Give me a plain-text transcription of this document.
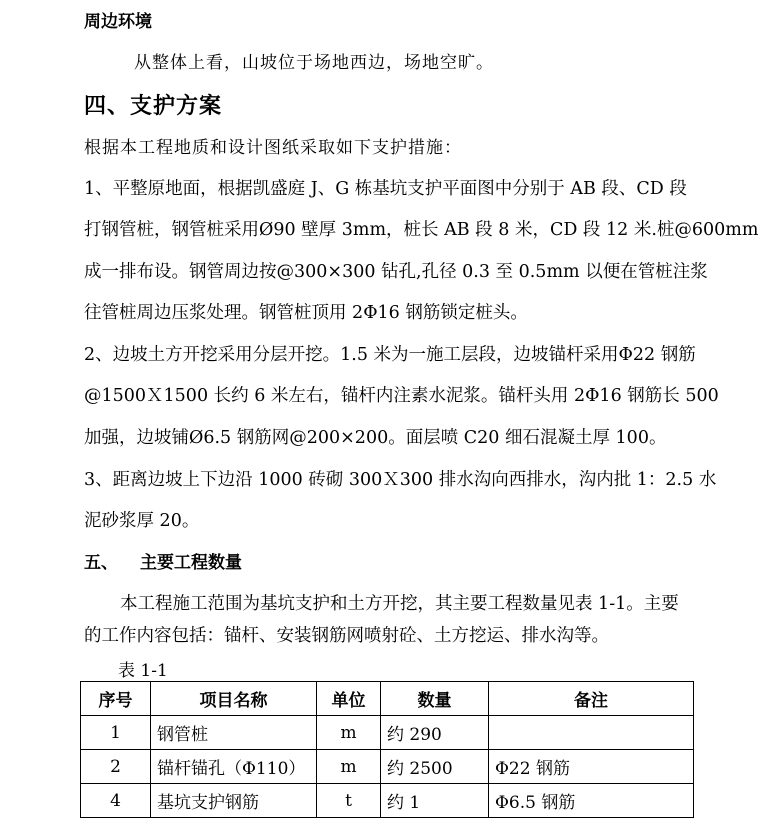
周边环境
从整体上看，山坡位于场地西边，场地空旷。
四、支护方案
根据本工程地质和设计图纸采取如下支护措施：
1、平整原地面，根据凯盛庭 J、G 栋基坑支护平面图中分别于 AB 段、CD 段
打钢管桩，钢管桩采用Ø90 壁厚 3mm，桩长 AB 段 8 米，CD 段 12 米.桩@600mm
成一排布设。钢管周边按@300×300 钻孔,孔径 0.3 至 0.5mm 以便在管桩注浆
往管桩周边压浆处理。钢管桩顶用 2Φ16 钢筋锁定桩头。
2、边坡土方开挖采用分层开挖。1.5 米为一施工层段，边坡锚杆采用Φ22 钢筋
@1500Ｘ1500 长约 6 米左右，锚杆内注素水泥浆。锚杆头用 2Φ16 钢筋长 500
加强，边坡铺Ø6.5 钢筋网@200×200。面层喷 C20 细石混凝土厚 100。
3、距离边坡上下边沿 1000 砖砌 300Ｘ300 排水沟向西排水，沟内批 1：2.5 水
泥砂浆厚 20。
五、 主要工程数量
本工程施工范围为基坑支护和土方开挖，其主要工程数量见表 1-1。主要
的工作内容包括：锚杆、安装钢筋网喷射砼、土方挖运、排水沟等。
表 1-1
序号	项目名称	单位	数量	备注
1	钢管桩	m	约 290	
2	锚杆锚孔（Φ110）	m	约 2500	Φ22 钢筋
4	基坑支护钢筋	t	约 1	Φ6.5 钢筋
